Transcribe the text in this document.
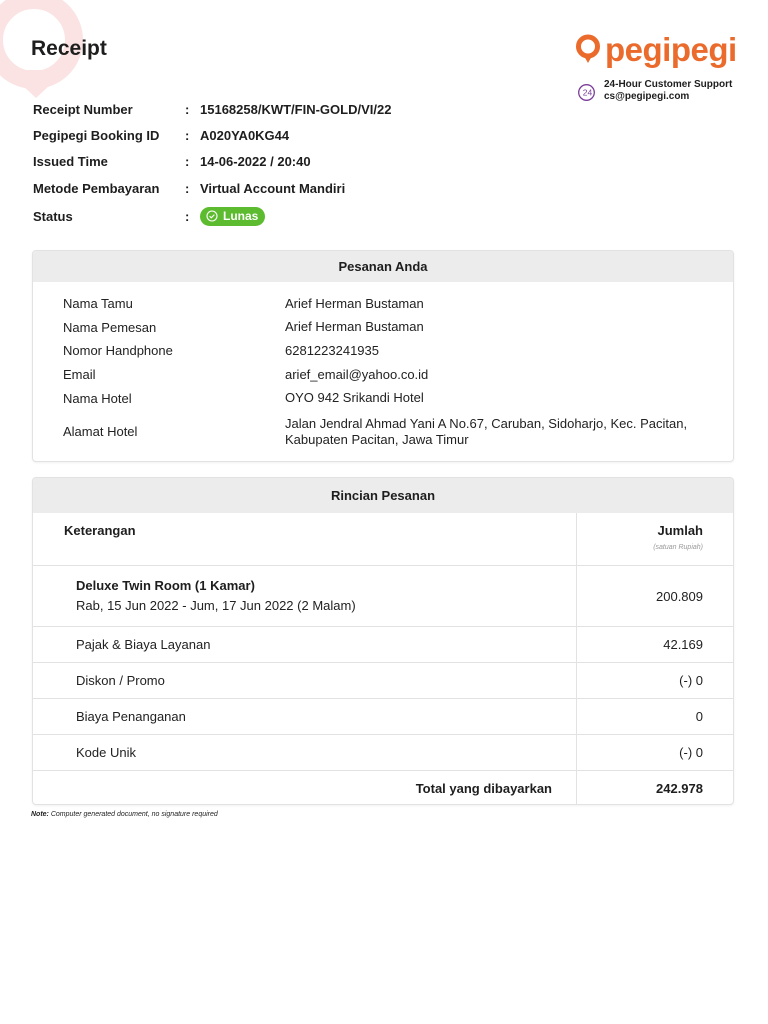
Receipt	pegipegi
24
24-Hour Customer Support
cs@pegipegi.com
Receipt Number	: 15168258/KWT/FIN-GOLD/VI/22
Pegipegi Booking ID	: A020YA0KG44
Issued Time	: 14-06-2022 / 20:40
Metode Pembayaran	: Virtual Account Mandiri
Status	:	Lunas
Pesanan Anda
Nama Tamu	Arief Herman Bustaman
Nama Pemesan	Arief Herman Bustaman
Nomor Handphone	6281223241935
Email	arief_email@yahoo.co.id
Nama Hotel	OYO 942 Srikandi Hotel
Alamat Hotel
Jalan Jendral Ahmad Yani A No.67, Caruban, Sidoharjo, Kec. Pacitan, Kabupaten Pacitan, Jawa Timur
Rincian Pesanan
Keterangan	Jumlah
(satuan Rupiah)
Deluxe Twin Room (1 Kamar)
Rab, 15 Jun 2022 - Jum, 17 Jun 2022 (2 Malam)
200.809
Pajak & Biaya Layanan	42.169
Diskon / Promo	(-) 0
Biaya Penanganan	0
Kode Unik	(-) 0
Total yang dibayarkan	242.978
Note: Computer generated document, no signature required
